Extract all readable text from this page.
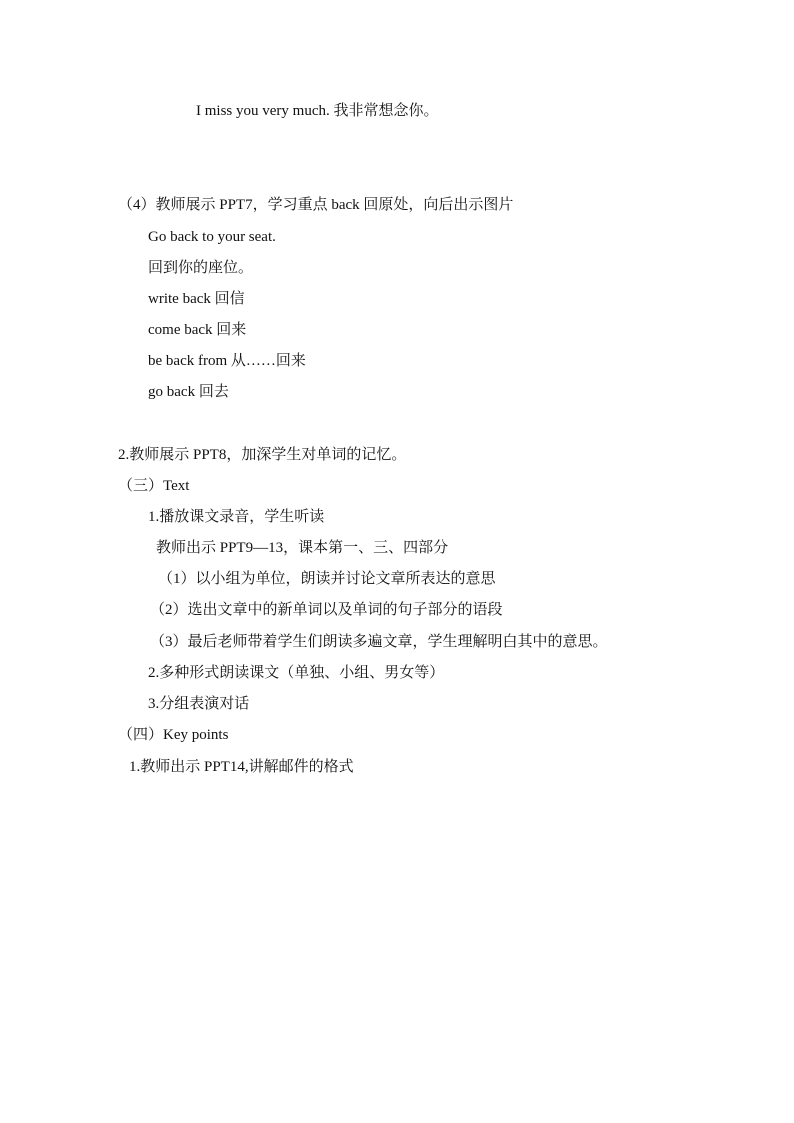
I miss you very much. 我非常想念你。
（4）教师展示 PPT7，学习重点 back 回原处，向后出示图片
Go back to your seat.
回到你的座位。
write back 回信
come back 回来
be back from 从……回来
go back 回去
2.教师展示 PPT8，加深学生对单词的记忆。
（三）Text
1.播放课文录音，学生听读
教师出示 PPT9—13，课本第一、三、四部分
（1）以小组为单位，朗读并讨论文章所表达的意思
（2）选出文章中的新单词以及单词的句子部分的语段
（3）最后老师带着学生们朗读多遍文章，学生理解明白其中的意思。
2.多种形式朗读课文（单独、小组、男女等）
3.分组表演对话
（四）Key points
1.教师出示 PPT14,讲解邮件的格式
